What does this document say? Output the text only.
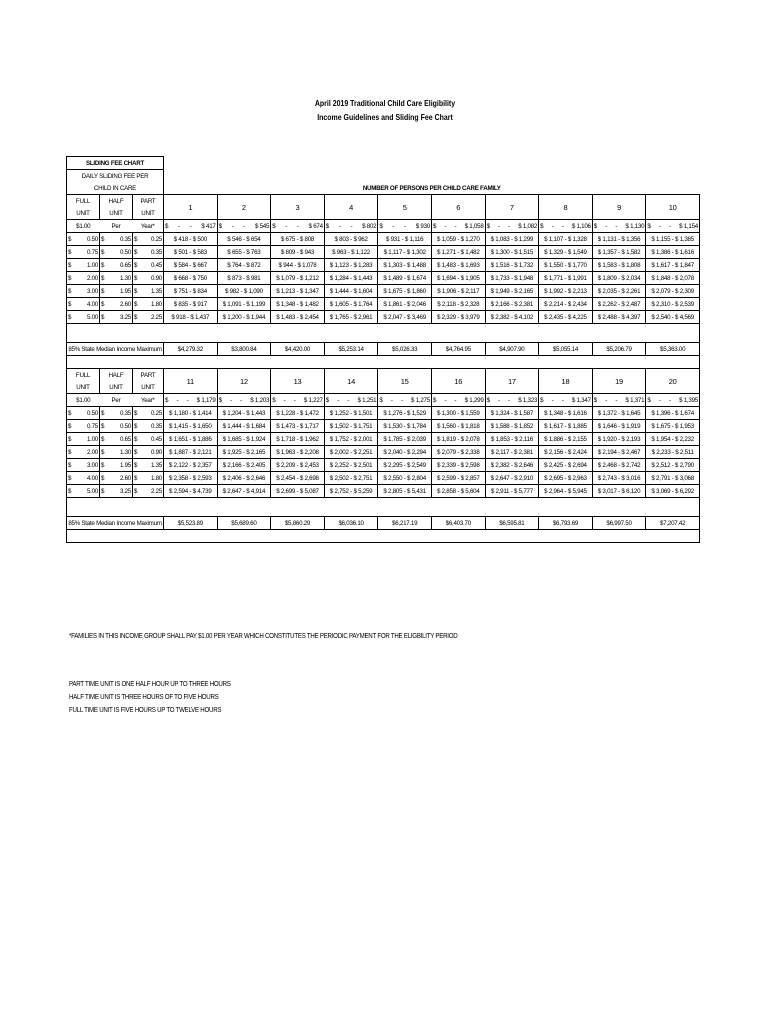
April 2019 Traditional Child Care Eligibility
Income Guidelines and Sliding Fee Chart
SLIDING FEE CHART												
DAILY SLIDING FEE PER												
CHILD IN CARE			NUMBER OF PERSONS PER CHILD CARE FAMILY									
FULL	HALF	PART	1	2	3	4	5	6	7	8	9	10
UNIT	UNIT	UNIT										
$1.00	Per	Year*	$ - - $ 417	$ - - $ 545	$ - - $ 674	$ - - $ 802	$ - - $ 930	$ - - $ 1,058	$ - - $ 1,082	$ - - $ 1,106	$ - - $ 1,130	$ - - $ 1,154

$ 0.50	$ 0.35	$ 0.25	$ 418 - $ 500	$ 546 - $ 654	$ 675 - $ 808	$ 803 - $ 962	$ 931 - $ 1,116	$ 1,059 - $ 1,270	$ 1,083 - $ 1,299	$ 1,107 - $ 1,328	$ 1,131 - $ 1,356	$ 1,155 - $ 1,385

$ 0.75	$ 0.50	$ 0.35	$ 501 - $ 583	$ 655 - $ 763	$ 809 - $ 943	$ 963 - $ 1,122	$ 1,117 - $ 1,302	$ 1,271 - $ 1,482	$ 1,300 - $ 1,515	$ 1,329 - $ 1,549	$ 1,357 - $ 1,582	$ 1,386 - $ 1,616

$ 1.00	$ 0.65	$ 0.45	$ 584 - $ 667	$ 764 - $ 872	$ 944 - $ 1,078	$ 1,123 - $ 1,283	$ 1,303 - $ 1,488	$ 1,483 - $ 1,693	$ 1,516 - $ 1,732	$ 1,550 - $ 1,770	$ 1,583 - $ 1,808	$ 1,617 - $ 1,847

$ 2.00	$ 1.30	$ 0.90	$ 668 - $ 750	$ 873 - $ 981	$ 1,079 - $ 1,212	$ 1,284 - $ 1,443	$ 1,489 - $ 1,674	$ 1,694 - $ 1,905	$ 1,733 - $ 1,948	$ 1,771 - $ 1,991	$ 1,809 - $ 2,034	$ 1,848 - $ 2,078

$ 3.00	$ 1.95	$ 1.35	$ 751 - $ 834	$ 982 - $ 1,090	$ 1,213 - $ 1,347	$ 1,444 - $ 1,604	$ 1,675 - $ 1,860	$ 1,906 - $ 2,117	$ 1,949 - $ 2,165	$ 1,992 - $ 2,213	$ 2,035 - $ 2,261	$ 2,079 - $ 2,309

$ 4.00	$ 2.60	$ 1.80	$ 835 - $ 917	$ 1,091 - $ 1,199	$ 1,348 - $ 1,482	$ 1,605 - $ 1,764	$ 1,861 - $ 2,046	$ 2,118 - $ 2,328	$ 2,166 - $ 2,381	$ 2,214 - $ 2,434	$ 2,262 - $ 2,487	$ 2,310 - $ 2,539

$ 5.00	$ 3.25	$ 2.25	$ 918 - $ 1,437	$ 1,200 - $ 1,944	$ 1,483 - $ 2,454	$ 1,765 - $ 2,961	$ 2,047 - $ 3,469	$ 2,329 - $ 3,979	$ 2,382 - $ 4,102	$ 2,435 - $ 4,225	$ 2,488 - $ 4,397	$ 2,540 - $ 4,569

85% State Median Income Maximum			$4,279.32	$3,800.84	$4,420.00	$5,253.14	$5,026.33	$4,764.95	$4,907.90	$5,055.14	$5,206.79	$5,363.00

FULL	HALF	PART	11	12	13	14	15	16	17	18	19	20
UNIT	UNIT	UNIT										
$1.00	Per	Year*	$ - - $ 1,179	$ - - $ 1,203	$ - - $ 1,227	$ - - $ 1,251	$ - - $ 1,275	$ - - $ 1,299	$ - - $ 1,323	$ - - $ 1,347	$ - - $ 1,371	$ - - $ 1,395

$ 0.50	$ 0.35	$ 0.25	$ 1,180 - $ 1,414	$ 1,204 - $ 1,443	$ 1,228 - $ 1,472	$ 1,252 - $ 1,501	$ 1,276 - $ 1,529	$ 1,300 - $ 1,559	$ 1,324 - $ 1,587	$ 1,348 - $ 1,616	$ 1,372 - $ 1,645	$ 1,396 - $ 1,674

$ 0.75	$ 0.50	$ 0.35	$ 1,415 - $ 1,650	$ 1,444 - $ 1,684	$ 1,473 - $ 1,717	$ 1,502 - $ 1,751	$ 1,530 - $ 1,784	$ 1,560 - $ 1,818	$ 1,588 - $ 1,852	$ 1,617 - $ 1,885	$ 1,646 - $ 1,919	$ 1,675 - $ 1,953

$ 1.00	$ 0.65	$ 0.45	$ 1,651 - $ 1,886	$ 1,685 - $ 1,924	$ 1,718 - $ 1,962	$ 1,752 - $ 2,001	$ 1,785 - $ 2,039	$ 1,819 - $ 2,078	$ 1,853 - $ 2,116	$ 1,886 - $ 2,155	$ 1,920 - $ 2,193	$ 1,954 - $ 2,232

$ 2.00	$ 1.30	$ 0.90	$ 1,887 - $ 2,121	$ 1,925 - $ 2,165	$ 1,963 - $ 2,208	$ 2,002 - $ 2,251	$ 2,040 - $ 2,294	$ 2,079 - $ 2,338	$ 2,117 - $ 2,381	$ 2,156 - $ 2,424	$ 2,194 - $ 2,467	$ 2,233 - $ 2,511

$ 3.00	$ 1.95	$ 1.35	$ 2,122 - $ 2,357	$ 2,166 - $ 2,405	$ 2,209 - $ 2,453	$ 2,252 - $ 2,501	$ 2,295 - $ 2,549	$ 2,339 - $ 2,598	$ 2,382 - $ 2,646	$ 2,425 - $ 2,694	$ 2,468 - $ 2,742	$ 2,512 - $ 2,790

$ 4.00	$ 2.60	$ 1.80	$ 2,358 - $ 2,593	$ 2,406 - $ 2,646	$ 2,454 - $ 2,698	$ 2,502 - $ 2,751	$ 2,550 - $ 2,804	$ 2,599 - $ 2,857	$ 2,647 - $ 2,910	$ 2,695 - $ 2,963	$ 2,743 - $ 3,016	$ 2,791 - $ 3,068

$ 5.00	$ 3.25	$ 2.25	$ 2,594 - $ 4,739	$ 2,647 - $ 4,914	$ 2,699 - $ 5,087	$ 2,752 - $ 5,259	$ 2,805 - $ 5,431	$ 2,858 - $ 5,604	$ 2,911 - $ 5,777	$ 2,964 - $ 5,945	$ 3,017 - $ 6,120	$ 3,069 - $ 6,292

85% State Median Income Maximum			$5,523.89	$5,689.60	$5,860.29	$6,036.10	$6,217.19	$6,403.70	$6,595.81	$6,793.69	$6,997.50	$7,207.42

*FAMILIES IN THIS INCOME GROUP SHALL PAY $1.00 PER YEAR WHICH CONSTITUTES THE PERIODIC PAYMENT FOR THE ELIGBILITY PERIOD
PART TIME UNIT IS ONE HALF HOUR UP TO THREE HOURS
HALF TIME UNIT IS THREE HOURS OF TO FIVE HOURS
FULL TIME UNIT IS FIVE HOURS UP TO TWELVE HOURS
